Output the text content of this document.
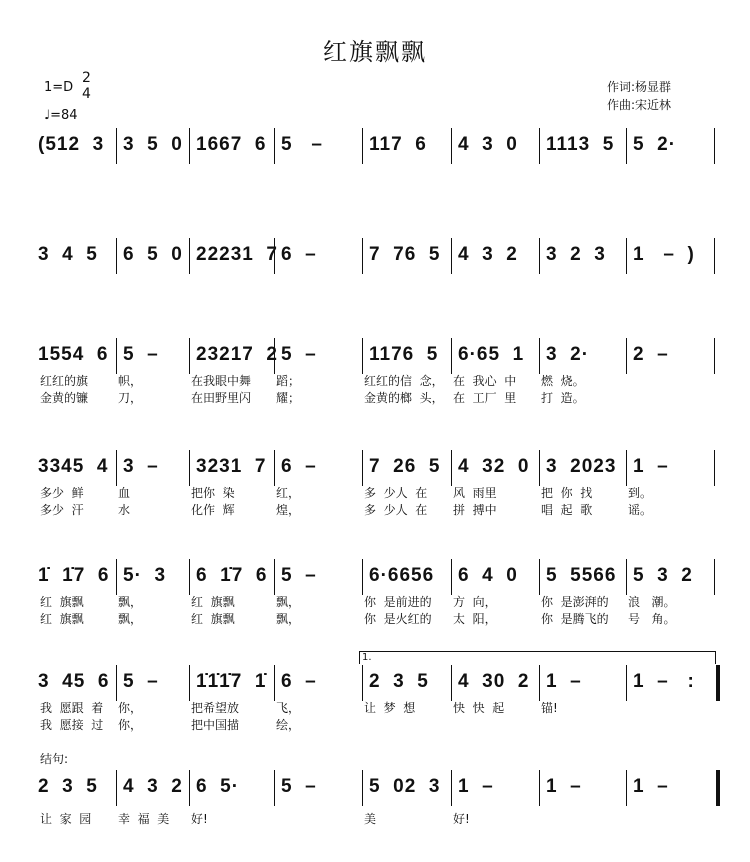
红旗飘飘
1=D
2
4
♩=84
作词:杨显群
作曲:宋近林
(512  3 3  5  0 1667  6 5   –	117  6	4  3  0	1113  5 5  2·
3  4  5	6  5  0 22231  7 6  –	7  76  5 4  3  2	3  2  3	1   –  )
1554  6 5  –	23217  2 5  –	1176  5	6·65  1	3  2·	2  –
红红的旗	帜，	在我眼中舞	蹈；	红红的信  念， 在  我心  中	燃  烧。
金黄的镰	刀，	在田野里闪	耀；	金黄的榔  头， 在  工厂  里	打  造。
3345  4 3  –	3231  7 6  –	7  26  5 4  32  0 3  2023 1  –
多少  鲜	血	把你  染	红，	多  少人  在	风  雨里	把  你  找	到。
多少  汗	水	化作  辉	煌，	多  少人  在	拼  搏中	唱  起  歌	谣。
1̇  1̇7  6 5·  3	6  1̇7  6 5  –	6·6656	6  4  0	5  5566 5  3  2
红  旗飘	飘，	红  旗飘	飘，	你  是前进的	方  向，	你  是澎湃的	浪   潮。
红  旗飘	飘，	红  旗飘	飘，	你  是火红的	太  阳，	你  是腾飞的	号   角。
3  45  6 5  –	1̇1̇1̇7  1̇ 6  –	2  3  5	4  30  2 1  –	1  –   :
1.
我  愿跟  着	你，	把希望放	飞，	让  梦  想	快  快  起	锚!
我  愿接  过	你，	把中国描	绘，
2  3  5	4  3  2 6  5·	5  –	5  02  3 1  –	1  –	1  –
结句:
让  家  园	幸  福  美	好!	美	好!
